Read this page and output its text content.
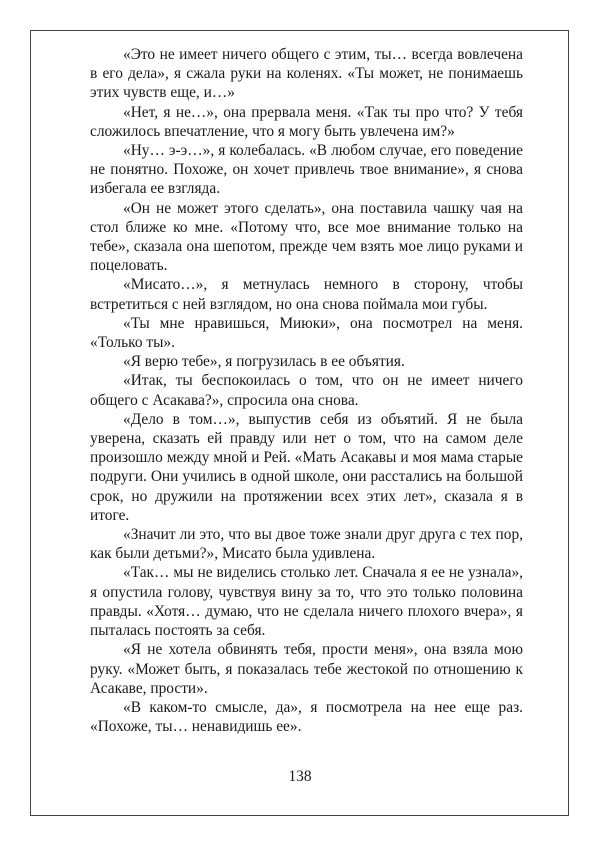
«Это не имеет ничего общего с этим, ты… всегда вовлечена в его дела», я сжала руки на коленях. «Ты может, не понимаешь этих чувств еще, и…»

«Нет, я не…», она прервала меня. «Так ты про что? У тебя сложилось впечатление, что я могу быть увлечена им?»

«Ну… э-э…», я колебалась. «В любом случае, его поведение не понятно. Похоже, он хочет привлечь твое внимание», я снова избегала ее взгляда.

«Он не может этого сделать», она поставила чашку чая на стол ближе ко мне. «Потому что, все мое внимание только на тебе», сказала она шепотом, прежде чем взять мое лицо руками и поцеловать.

«Мисато…», я метнулась немного в сторону, чтобы встретиться с ней взглядом, но она снова поймала мои губы.

«Ты мне нравишься, Миюки», она посмотрел на меня. «Только ты».

«Я верю тебе», я погрузилась в ее объятия.

«Итак, ты беспокоилась о том, что он не имеет ничего общего с Асакава?», спросила она снова.

«Дело в том…», выпустив себя из объятий. Я не была уверена, сказать ей правду или нет о том, что на самом деле произошло между мной и Рей. «Мать Асакавы и моя мама старые подруги. Они учились в одной школе, они расстались на большой срок, но дружили на протяжении всех этих лет», сказала я в итоге.

«Значит ли это, что вы двое тоже знали друг друга с тех пор, как были детьми?», Мисато была удивлена.

«Так… мы не виделись столько лет. Сначала я ее не узнала», я опустила голову, чувствуя вину за то, что это только половина правды. «Хотя… думаю, что не сделала ничего плохого вчера», я пыталась постоять за себя.

«Я не хотела обвинять тебя, прости меня», она взяла мою руку. «Может быть, я показалась тебе жестокой по отношению к Асакаве, прости».

«В каком-то смысле, да», я посмотрела на нее еще раз. «Похоже, ты… ненавидишь ее».

138
